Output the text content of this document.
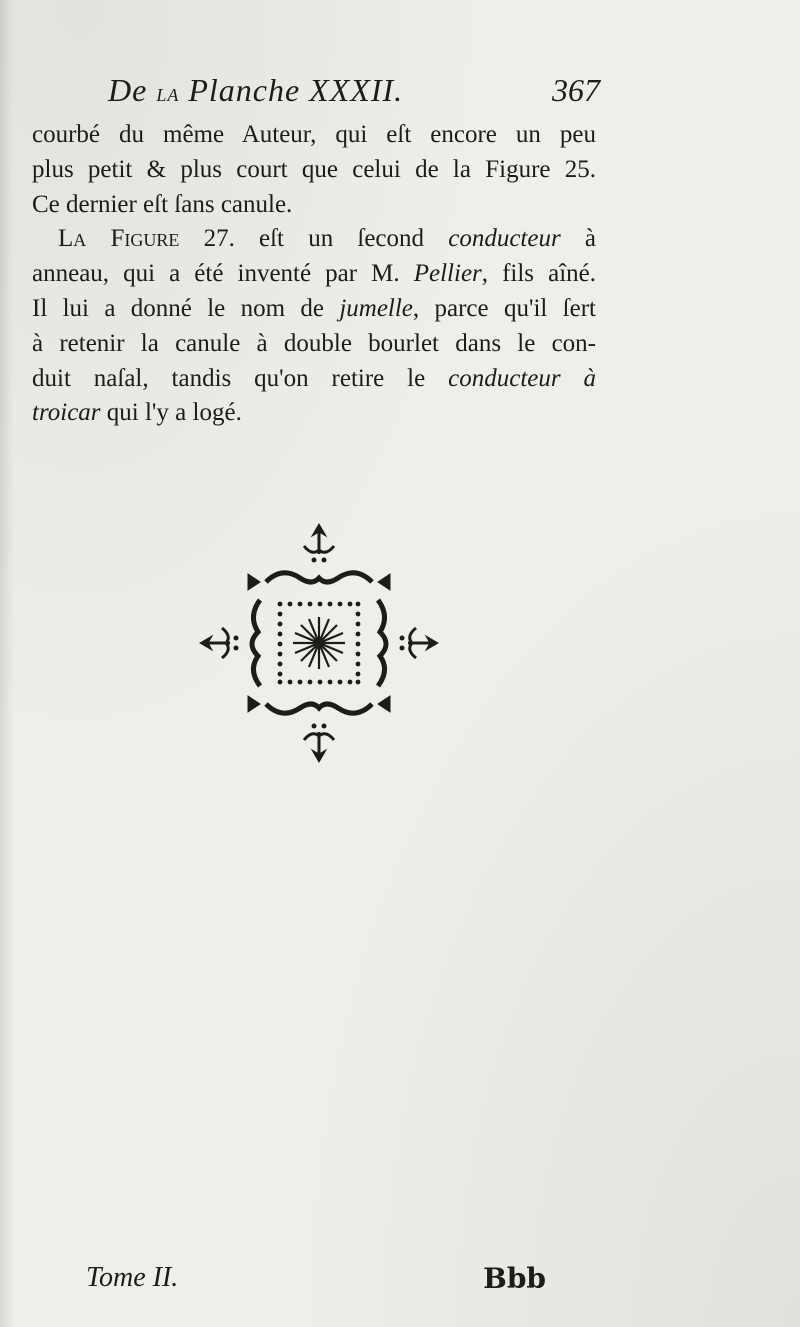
De la Planche XXXII.	367
courbé du même Auteur, qui eſt encore un peu
plus petit & plus court que celui de la Figure 25.
Ce dernier eſt ſans canule.
La Figure 27. eſt un ſecond conducteur à
anneau, qui a été inventé par M. Pellier, fils aîné.
Il lui a donné le nom de jumelle, parce qu'il ſert
à retenir la canule à double bourlet dans le con-
duit naſal, tandis qu'on retire le conducteur à
troicar qui l'y a logé.
Tome II.	Bbb
